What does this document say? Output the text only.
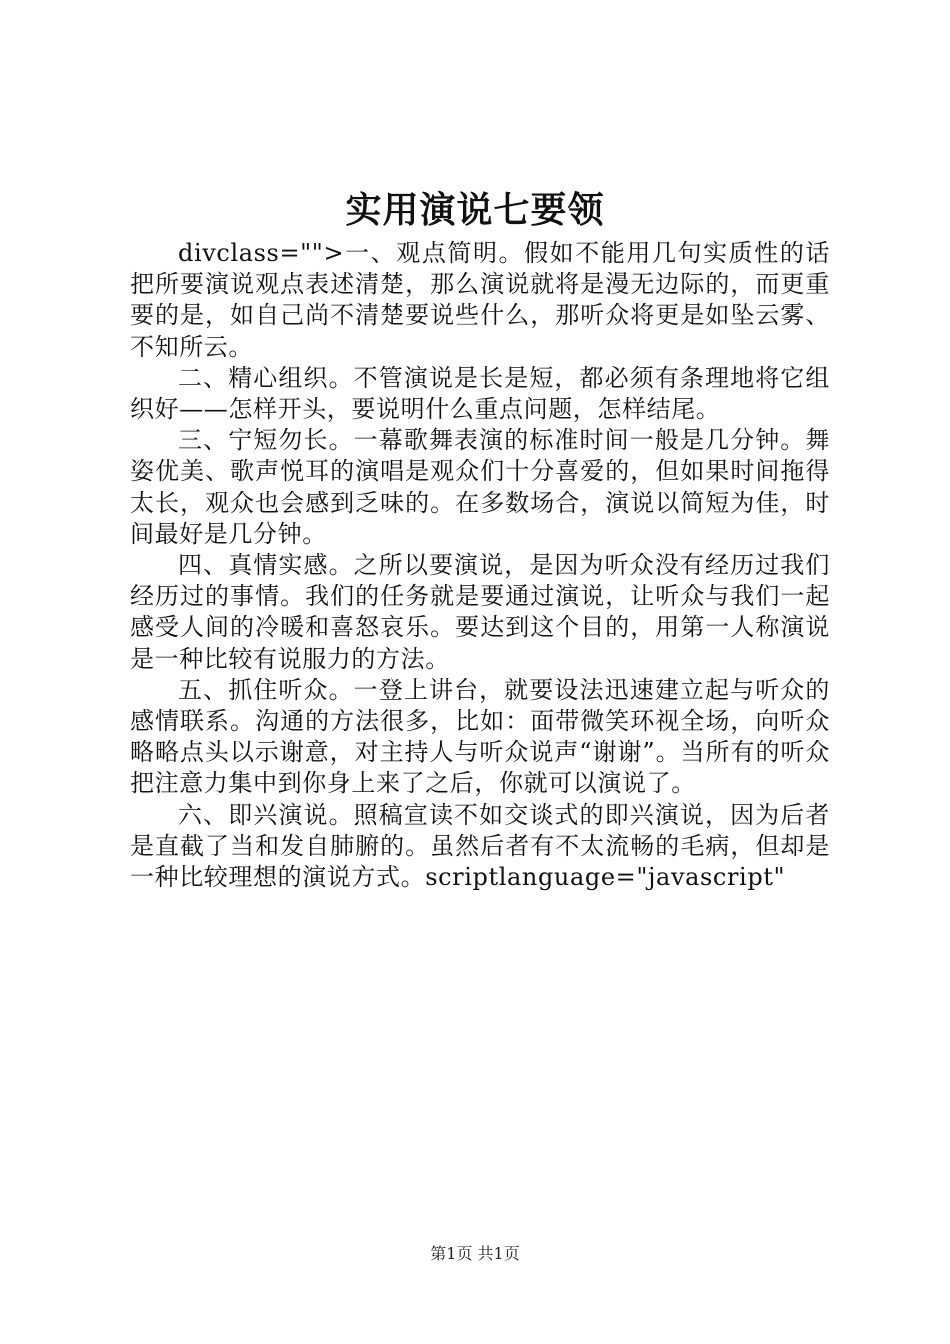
实用演说七要领

divclass="">一、观点简明。假如不能用几句实质性的话把所要演说观点表述清楚，那么演说就将是漫无边际的，而更重要的是，如自己尚不清楚要说些什么，那听众将更是如坠云雾、不知所云。

二、精心组织。不管演说是长是短，都必须有条理地将它组织好——怎样开头，要说明什么重点问题，怎样结尾。

三、宁短勿长。一幕歌舞表演的标准时间一般是几分钟。舞姿优美、歌声悦耳的演唱是观众们十分喜爱的，但如果时间拖得太长，观众也会感到乏味的。在多数场合，演说以简短为佳，时间最好是几分钟。

四、真情实感。之所以要演说，是因为听众没有经历过我们经历过的事情。我们的任务就是要通过演说，让听众与我们一起感受人间的冷暖和喜怒哀乐。要达到这个目的，用第一人称演说是一种比较有说服力的方法。

五、抓住听众。一登上讲台，就要设法迅速建立起与听众的感情联系。沟通的方法很多，比如：面带微笑环视全场，向听众略略点头以示谢意，对主持人与听众说声“谢谢”。当所有的听众把注意力集中到你身上来了之后，你就可以演说了。

六、即兴演说。照稿宣读不如交谈式的即兴演说，因为后者是直截了当和发自肺腑的。虽然后者有不太流畅的毛病，但却是一种比较理想的演说方式。scriptlanguage="javascript"

第1页 共1页
